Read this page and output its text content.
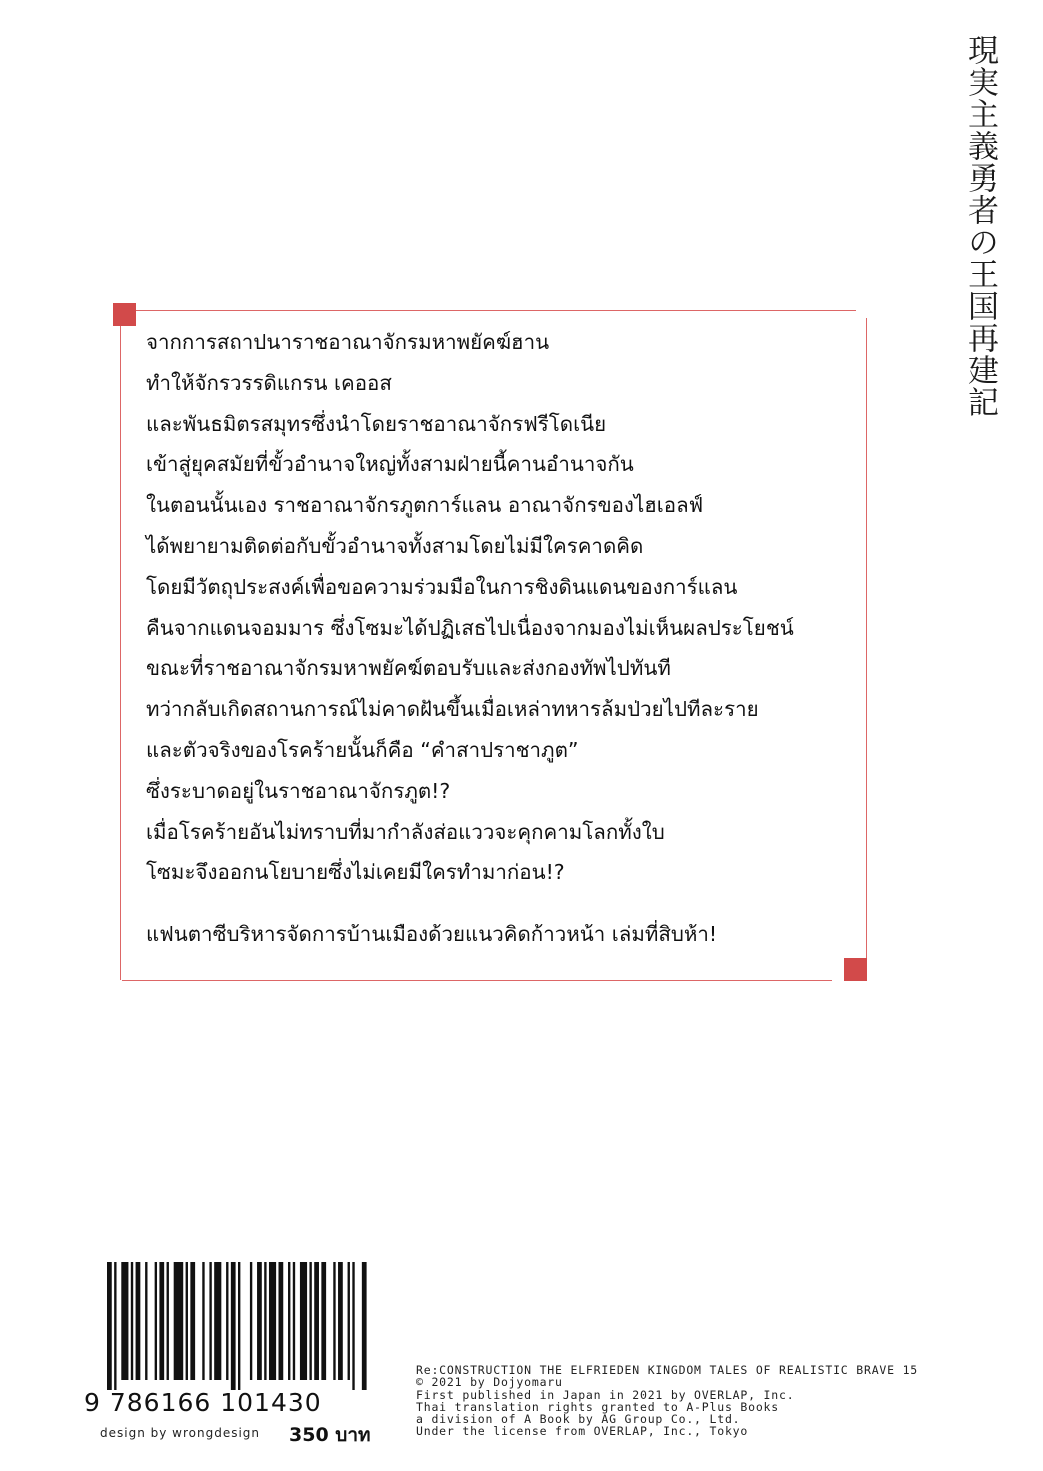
現実主義勇者の王国再建記
จากการสถาปนาราชอาณาจักรมหาพยัคฆ์ฮาน
ทำให้จักรวรรดิแกรน เคออส
และพันธมิตรสมุทรซึ่งนำโดยราชอาณาจักรฟรีโดเนีย
เข้าสู่ยุคสมัยที่ขั้วอำนาจใหญ่ทั้งสามฝ่ายนี้คานอำนาจกัน
ในตอนนั้นเอง ราชอาณาจักรภูตการ์แลน อาณาจักรของไฮเอลฟ์
ได้พยายามติดต่อกับขั้วอำนาจทั้งสามโดยไม่มีใครคาดคิด
โดยมีวัตถุประสงค์เพื่อขอความร่วมมือในการชิงดินแดนของการ์แลน
คืนจากแดนจอมมาร ซึ่งโซมะได้ปฏิเสธไปเนื่องจากมองไม่เห็นผลประโยชน์
ขณะที่ราชอาณาจักรมหาพยัคฆ์ตอบรับและส่งกองทัพไปทันที
ทว่ากลับเกิดสถานการณ์ไม่คาดฝันขึ้นเมื่อเหล่าทหารล้มป่วยไปทีละราย
และตัวจริงของโรคร้ายนั้นก็คือ “คำสาปราชาภูต”
ซึ่งระบาดอยู่ในราชอาณาจักรภูต!?
เมื่อโรคร้ายอันไม่ทราบที่มากำลังส่อแววจะคุกคามโลกทั้งใบ
โซมะจึงออกนโยบายซึ่งไม่เคยมีใครทำมาก่อน!?
แฟนตาซีบริหารจัดการบ้านเมืองด้วยแนวคิดก้าวหน้า เล่มที่สิบห้า!
9 786166 101430
design by wrongdesign 350 บาท
Re:CONSTRUCTION THE ELFRIEDEN KINGDOM TALES OF REALISTIC BRAVE 15
© 2021 by Dojyomaru
First published in Japan in 2021 by OVERLAP, Inc.
Thai translation rights granted to A-Plus Books
a division of A Book by AG Group Co., Ltd.
Under the license from OVERLAP, Inc., Tokyo
